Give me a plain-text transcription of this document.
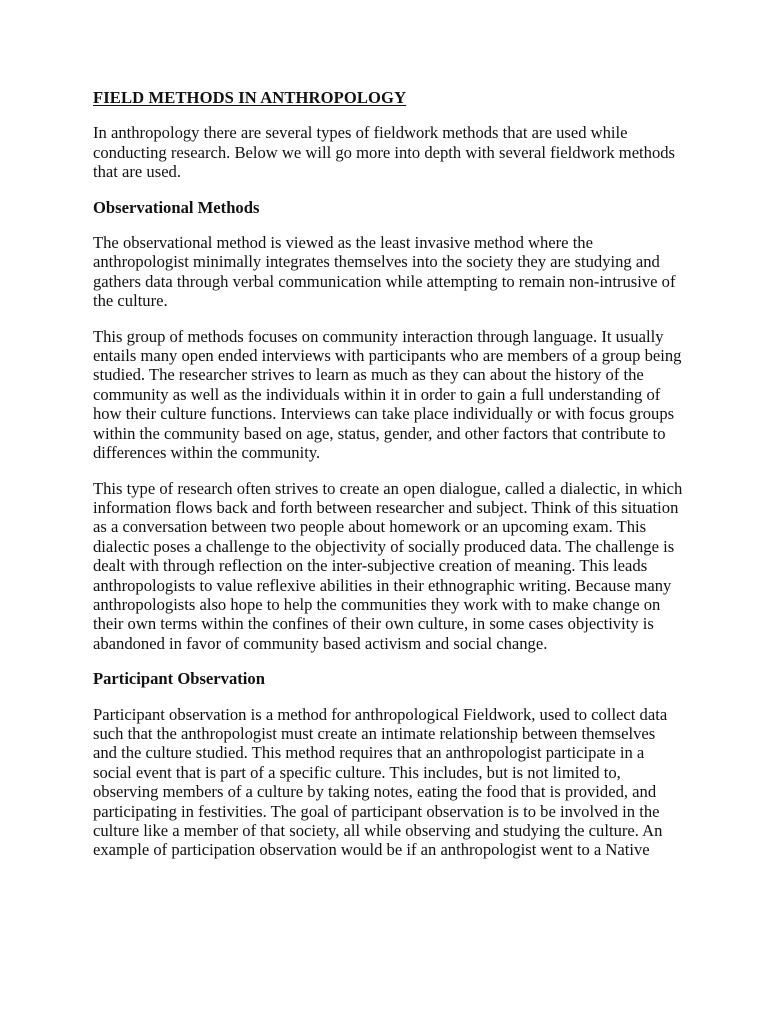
FIELD METHODS IN ANTHROPOLOGY

In anthropology there are several types of fieldwork methods that are used while conducting research. Below we will go more into depth with several fieldwork methods that are used.

Observational Methods

The observational method is viewed as the least invasive method where the anthropologist minimally integrates themselves into the society they are studying and gathers data through verbal communication while attempting to remain non-intrusive of the culture.

This group of methods focuses on community interaction through language. It usually entails many open ended interviews with participants who are members of a group being studied. The researcher strives to learn as much as they can about the history of the community as well as the individuals within it in order to gain a full understanding of how their culture functions. Interviews can take place individually or with focus groups within the community based on age, status, gender, and other factors that contribute to differences within the community.

This type of research often strives to create an open dialogue, called a dialectic, in which information flows back and forth between researcher and subject. Think of this situation as a conversation between two people about homework or an upcoming exam. This dialectic poses a challenge to the objectivity of socially produced data. The challenge is dealt with through reflection on the inter-subjective creation of meaning. This leads anthropologists to value reflexive abilities in their ethnographic writing. Because many anthropologists also hope to help the communities they work with to make change on their own terms within the confines of their own culture, in some cases objectivity is abandoned in favor of community based activism and social change.

Participant Observation

Participant observation is a method for anthropological Fieldwork, used to collect data such that the anthropologist must create an intimate relationship between themselves and the culture studied. This method requires that an anthropologist participate in a social event that is part of a specific culture. This includes, but is not limited to, observing members of a culture by taking notes, eating the food that is provided, and participating in festivities. The goal of participant observation is to be involved in the culture like a member of that society, all while observing and studying the culture. An example of participation observation would be if an anthropologist went to a Native
